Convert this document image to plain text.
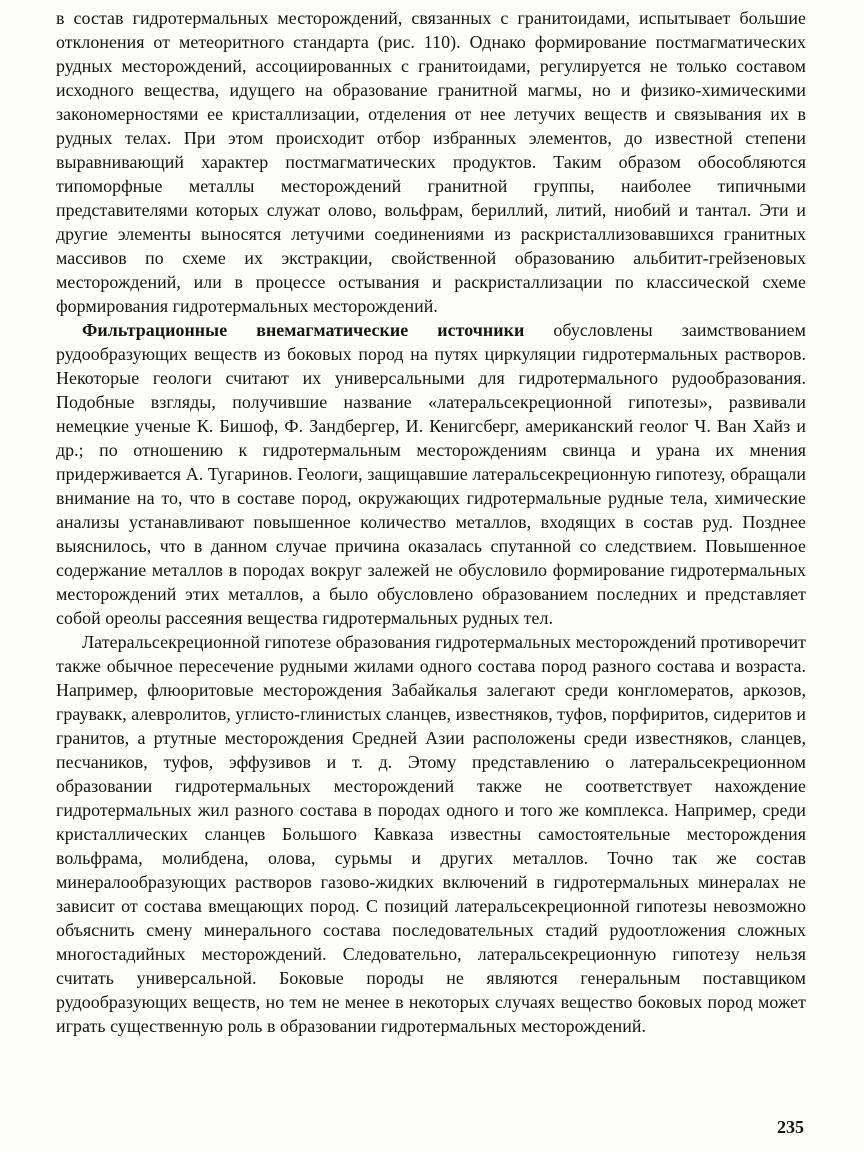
в состав гидротермальных месторождений, связанных с гранитоидами, испытывает большие отклонения от метеоритного стандарта (рис. 110). Однако формирование постмагматических рудных месторождений, ассоциированных с гранитоидами, регулируется не только составом исходного вещества, идущего на образование гранитной магмы, но и физико-химическими закономерностями ее кристаллизации, отделения от нее летучих веществ и связывания их в рудных телах. При этом происходит отбор избранных элементов, до известной степени выравнивающий характер постмагматических продуктов. Таким образом обособляются типоморфные металлы месторождений гранитной группы, наиболее типичными представителями которых служат олово, вольфрам, бериллий, литий, ниобий и тантал. Эти и другие элементы выносятся летучими соединениями из раскристаллизовавшихся гранитных массивов по схеме их экстракции, свойственной образованию альбитит-грейзеновых месторождений, или в процессе остывания и раскристаллизации по классической схеме формирования гидротермальных месторождений.

Фильтрационные внемагматические источники обусловлены заимствованием рудообразующих веществ из боковых пород на путях циркуляции гидротермальных растворов. Некоторые геологи считают их универсальными для гидротермального рудообразования. Подобные взгляды, получившие название «латеральсекреционной гипотезы», развивали немецкие ученые К. Бишоф, Ф. Зандбергер, И. Кенигсберг, американский геолог Ч. Ван Хайз и др.; по отношению к гидротермальным месторождениям свинца и урана их мнения придерживается А. Тугаринов. Геологи, защищавшие латеральсекреционную гипотезу, обращали внимание на то, что в составе пород, окружающих гидротермальные рудные тела, химические анализы устанавливают повышенное количество металлов, входящих в состав руд. Позднее выяснилось, что в данном случае причина оказалась спутанной со следствием. Повышенное содержание металлов в породах вокруг залежей не обусловило формирование гидротермальных месторождений этих металлов, а было обусловлено образованием последних и представляет собой ореолы рассеяния вещества гидротермальных рудных тел.

Латеральсекреционной гипотезе образования гидротермальных месторождений противоречит также обычное пересечение рудными жилами одного состава пород разного состава и возраста. Например, флюоритовые месторождения Забайкалья залегают среди конгломератов, аркозов, граувакк, алевролитов, углисто-глинистых сланцев, известняков, туфов, порфиритов, сидеритов и гранитов, а ртутные месторождения Средней Азии расположены среди известняков, сланцев, песчаников, туфов, эффузивов и т. д. Этому представлению о латеральсекреционном образовании гидротермальных месторождений также не соответствует нахождение гидротермальных жил разного состава в породах одного и того же комплекса. Например, среди кристаллических сланцев Большого Кавказа известны самостоятельные месторождения вольфрама, молибдена, олова, сурьмы и других металлов. Точно так же состав минералообразующих растворов газово-жидких включений в гидротермальных минералах не зависит от состава вмещающих пород. С позиций латеральсекреционной гипотезы невозможно объяснить смену минерального состава последовательных стадий рудоотложения сложных многостадийных месторождений. Следовательно, латеральсекреционную гипотезу нельзя считать универсальной. Боковые породы не являются генеральным поставщиком рудообразующих веществ, но тем не менее в некоторых случаях вещество боковых пород может играть существенную роль в образовании гидротермальных месторождений.

235
